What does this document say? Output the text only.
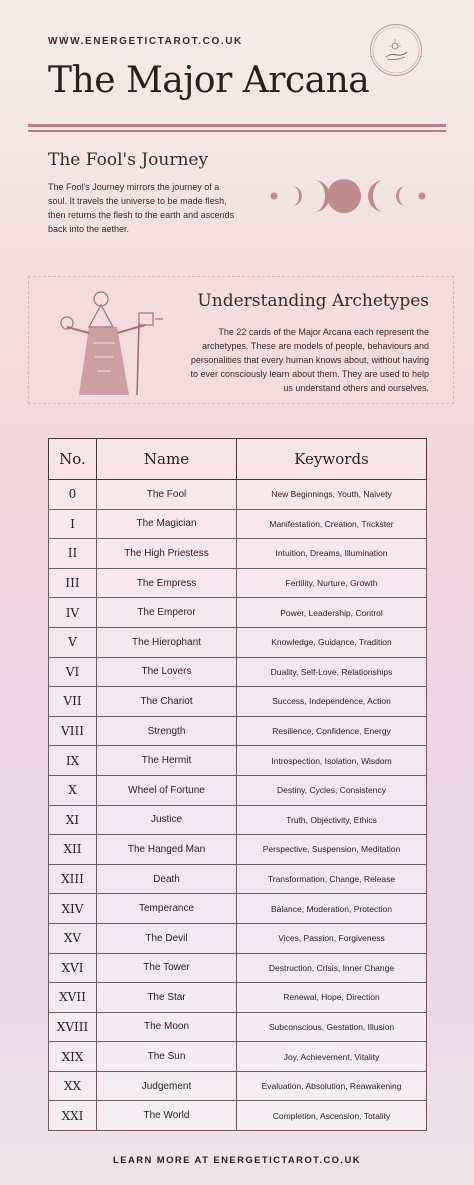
WWW.ENERGETICTAROT.CO.UK
The Major Arcana
The Fool's Journey
The Fool's Journey mirrors the journey of a soul. It travels the universe to be made flesh, then returns the flesh to the earth and ascends back into the aether.
Understanding Archetypes
The 22 cards of the Major Arcana each represent the archetypes. These are models of people, behaviours and personalities that every human knows about, without having to ever consciously learn about them. They are used to help us understand others and ourselves.
No.	Name	Keywords
0	The Fool	New Beginnings, Youth, Naivety
I	The Magician	Manifestation, Creation, Trickster
II	The High Priestess	Intuition, Dreams, Illumination
III	The Empress	Fertility, Nurture, Growth
IV	The Emperor	Power, Leadership, Control
V	The Hierophant	Knowledge, Guidance, Tradition
VI	The Lovers	Duality, Self-Love, Relationships
VII	The Chariot	Success, Independence, Action
VIII	Strength	Resilience, Confidence, Energy
IX	The Hermit	Introspection, Isolation, Wisdom
X	Wheel of Fortune	Destiny, Cycles, Consistency
XI	Justice	Truth, Objectivity, Ethics
XII	The Hanged Man	Perspective, Suspension, Meditation
XIII	Death	Transformation, Change, Release
XIV	Temperance	Balance, Moderation, Protection
XV	The Devil	Vices, Passion, Forgiveness
XVI	The Tower	Destruction, Crisis, Inner Change
XVII	The Star	Renewal, Hope, Direction
XVIII	The Moon	Subconscious, Gestation, Illusion
XIX	The Sun	Joy, Achievement, Vitality
XX	Judgement	Evaluation, Absolution, Reawakening
XXI	The World	Completion, Ascension, Totality
LEARN MORE AT ENERGETICTAROT.CO.UK
